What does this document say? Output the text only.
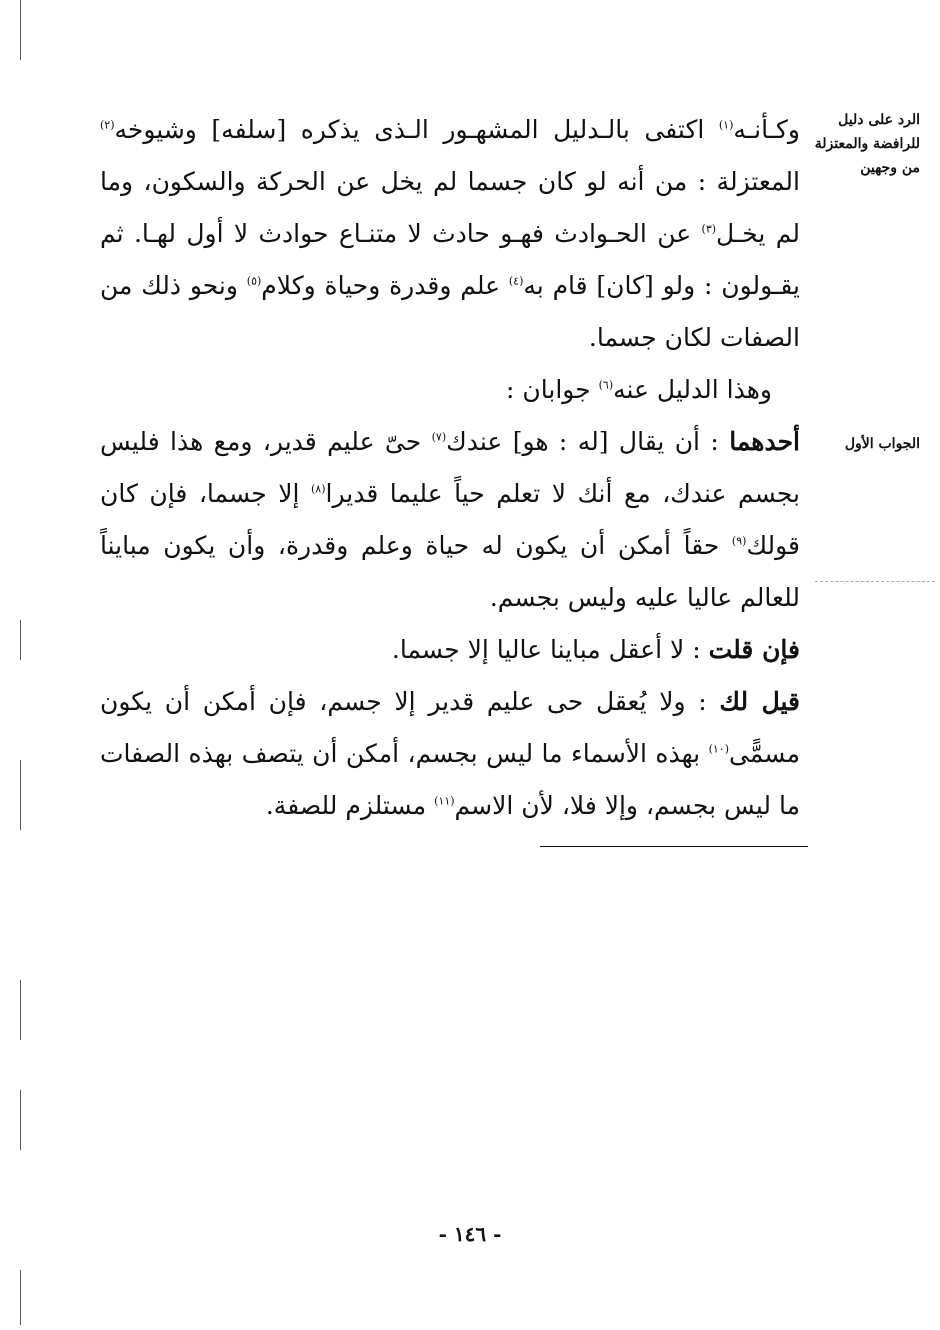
الرد على دليل للرافضة والمعتزلة من وجهين
الجواب الأول

وكـأنـه$^{(١)}$ اكتفى بالـدليل المشهـور الـذى يذكره [سلفه] وشيوخه$^{(٢)}$ المعتزلة : من أنه لو كان جسما لم يخل عن الحركة والسكون، وما لم يخـل$^{(٣)}$ عن الحـوادث فهـو حادث لا متنـاع حوادث لا أول لهـا. ثم يقـولون : ولو [كان] قام به$^{(٤)}$ علم وقدرة وحياة وكلام$^{(٥)}$ ونحو ذلك من الصفات لكان جسما.

وهذا الدليل عنه$^{(٦)}$ جوابان :

أحدهما : أن يقال [له : هو] عندك$^{(٧)}$ حىّ عليم قدير، ومع هذا فليس بجسم عندك، مع أنك لا تعلم حياً عليما قديرا$^{(٨)}$ إلا جسما، فإن كان قولك$^{(٩)}$ حقاً أمكن أن يكون له حياة وعلم وقدرة، وأن يكون مبايناً للعالم عاليا عليه وليس بجسم.

فإن قلت : لا أعقل مباينا عاليا إلا جسما.

قيل لك : ولا يُعقل حى عليم قدير إلا جسم، فإن أمكن أن يكون مسمًّى$^{(١٠)}$ بهذه الأسماء ما ليس بجسم، أمكن أن يتصف بهذه الصفات ما ليس بجسم، وإلا فلا، لأن الاسم$^{(١١)}$ مستلزم للصفة.

- ١٤٦ -
